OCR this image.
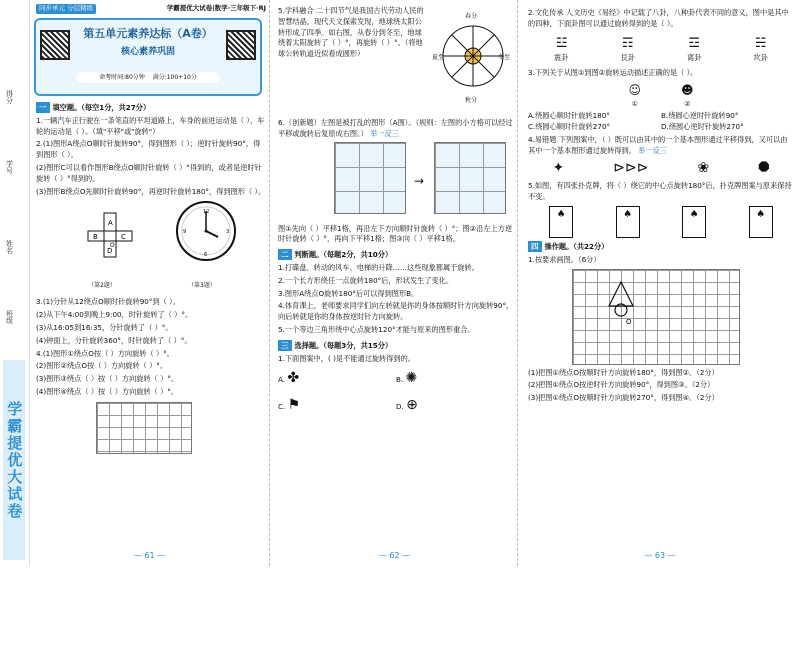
得分
学号
姓名
班级
学霸提优大试卷
同步单元 分层精练	学霸提优大试卷|数学·三年级下·RJ
第五单元素养达标（A卷）
核心素养巩固
命考时间:80分钟 满分:100+10分
一 填空题。（每空1分，共27分）
1.一辆汽车正行驶在一条笔直的平坦道路上，车身的前进运动是（ ），车轮的运动是（ ）。（填"平移"或"旋转"）
2.(1)图形A绕点O顺时针旋转90°，得到图形（ ）；逆时针旋转90°，得到图形（ ）。
(2)图形C可以看作图形B绕点O顺时针旋转（ ）°得到的，或者是逆时针旋转（ ）°得到的。
(3)图形B绕点O先顺时针旋转90°，再逆时针旋转180°，得到图形（ ）。
A
B	C
D
O
12
3
6
9
（第2题）	（第3题）
3.(1)分针从12绕点O顺时针旋转90°到（ ）。
(2)从下午4:00到晚上9:00，时针旋转了（ ）°。
(3)从16:05到16:35，分针旋转了（ ）°。
(4)钟面上，分针旋转360°，时针旋转了（ ）°。
4.(1)图形①绕点O按（ ）方向旋转（ ）°。
(2)图形②绕点O按（ ）方向旋转（ ）°。
(3)图形③绕点（ ）按（ ）方向旋转（ ）°。
(4)图形④绕点（ ）按（ ）方向旋转（ ）°。
— 61 —
5.学科融合 二十四节气是我国古代劳动人民的智慧结晶，现代天文探索发现，地球绕太阳公转形成了四季。如右图，从春分到冬至，地球绕着太阳旋转了（ ）°，再旋转（ ）°。（将地球公转轨道近似看成圆形）
春分
夏至	冬至
秋分
6.（创新题）左图是被打乱的图形（A围）。（规则：左图的小方格可以经过平移或旋转后复原成右图。） 举一反三
→
图①先向（ ）平移1格，再沿左下方向顺时针旋转（ ）°；图②沿左上方逆时针旋转（ ）°，再向下平移1格；图③向（ ）平移1格。
二 判断题。（每题2分，共10分）
1.打碟盘、转动的风车、电梯的升降……这些现象都属于旋转。
2.一个长方形绕任一点旋转180°后，形状发生了变化。
3.图形A绕点O旋转180°后可以得到图形B。
4.体育课上，老师要求同学们向左转就是你的身体按顺时针方向旋转90°，向后转就是你的身体按逆时针方向旋转。
5.一个等边三角形绕中心点旋转120°才能与原来的图形重合。
三 选择题。（每题3分，共15分）
1.下面图案中，( )是不能通过旋转得到的。
A. ✤	B. ✺
C. ⚑	D. ⊕
— 62 —
2.文化传承 人文历史《易经》中记载了八卦，八种卦代表不同的意义，图中是其中的四种，下面卦图可以通过旋转得到的是（ ）。
☳
震卦
☶
艮卦
☲
离卦
☵
坎卦
3.下列关于从图①到图②旋转运动描述正确的是（ ）。
☺
①
☻
②
A.绕圆心顺时针旋转180°	B.绕圆心逆时针旋转90°
C.绕圆心顺时针旋转270°	D.绕圆心逆时针旋转270°
4.易错题 下列图案中，（ ）既可以由其中的一个基本图形通过平移得到，又可以由其中一个基本图形通过旋转得到。 举一反三
✦	⊳⊳⊳	❀	⯃
5.如图，有四张扑克牌，将（ ）绕它的中心点旋转180°后，扑克牌图案与原来保持不变。
♠	♠	♠	♠
四 操作题。（共22分）
1.按要求画图。（6分）
O
(1)把图①绕点O按顺时针方向旋转180°，得到图②。（2分）
(2)把图①绕点O按逆时针方向旋转90°，得到图③。（2分）
(3)把图①绕点O按顺时针方向旋转270°，得到图④。（2分）
— 63 —
